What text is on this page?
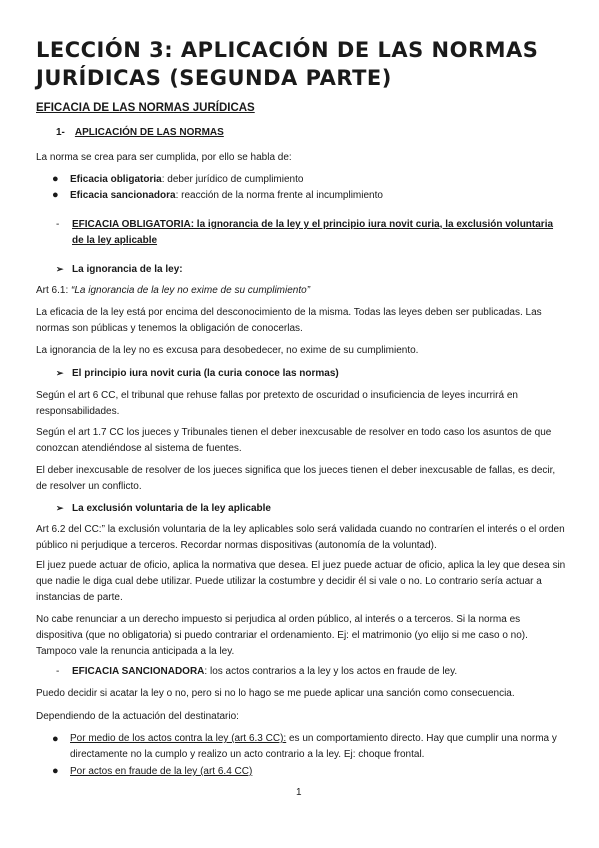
LECCIÓN 3: APLICACIÓN DE LAS NORMAS JURÍDICAS (SEGUNDA PARTE)
EFICACIA DE LAS NORMAS JURÍDICAS
1- APLICACIÓN DE LAS NORMAS

La norma se crea para ser cumplida, por ello se habla de:

● Eficacia obligatoria: deber jurídico de cumplimiento
● Eficacia sancionadora: reacción de la norma frente al incumplimiento
- EFICACIA OBLIGATORIA: la ignorancia de la ley y el principio iura novit curia, la exclusión voluntaria de la ley aplicable
➢ La ignorancia de la ley:

Art 6.1: “La ignorancia de la ley no exime de su cumplimiento”

La eficacia de la ley está por encima del desconocimiento de la misma. Todas las leyes deben ser publicadas. Las normas son públicas y tenemos la obligación de conocerlas.

La ignorancia de la ley no es excusa para desobedecer, no exime de su cumplimiento.

➢ El principio iura novit curia (la curia conoce las normas)

Según el art 6 CC, el tribunal que rehuse fallas por pretexto de oscuridad o insuficiencia de leyes incurrirá en responsabilidades.

Según el art 1.7 CC los jueces y Tribunales tienen el deber inexcusable de resolver en todo caso los asuntos de que conozcan atendiéndose al sistema de fuentes.

El deber inexcusable de resolver de los jueces significa que los jueces tienen el deber inexcusable de fallas, es decir, de resolver un conflicto.

➢ La exclusión voluntaria de la ley aplicable

Art 6.2 del CC:” la exclusión voluntaria de la ley aplicables solo será validada cuando no contraríen el interés o el orden público ni perjudique a terceros. Recordar normas dispositivas (autonomía de la voluntad).

El juez puede actuar de oficio, aplica la normativa que desea. El juez puede actuar de oficio, aplica la ley que desea sin que nadie le diga cual debe utilizar. Puede utilizar la costumbre y decidir él si vale o no. Lo contrario sería actuar a instancias de parte.

No cabe renunciar a un derecho impuesto si perjudica al orden público, al interés o a terceros. Si la norma es dispositiva (que no obligatoria) si puedo contrariar el ordenamiento. Ej: el matrimonio (yo elijo si me caso o no). Tampoco vale la renuncia anticipada a la ley.

- EFICACIA SANCIONADORA: los actos contrarios a la ley y los actos en fraude de ley.

Puedo decidir si acatar la ley o no, pero si no lo hago se me puede aplicar una sanción como consecuencia.

Dependiendo de la actuación del destinatario:

●	Por medio de los actos contra la ley (art 6.3 CC): es un comportamiento directo. Hay que cumplir una norma y directamente no la cumplo y realizo un acto contrario a la ley. Ej: choque frontal.
● Por actos en fraude de la ley (art 6.4 CC)
1
